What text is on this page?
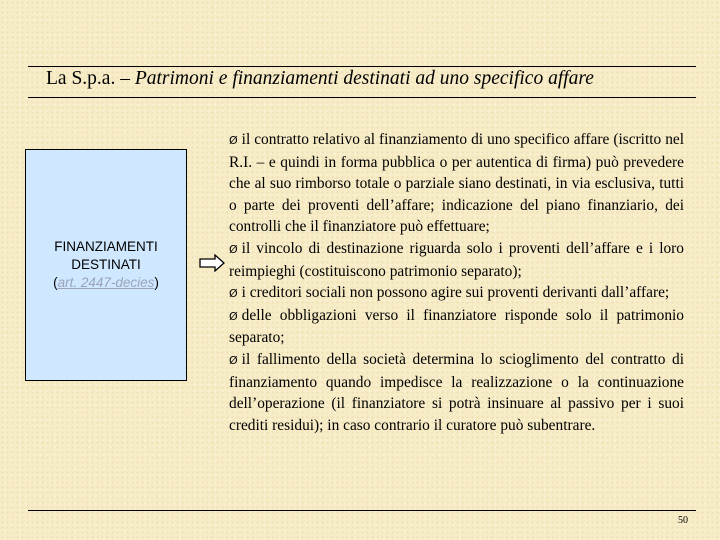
La S.p.a. – Patrimoni e finanziamenti destinati ad uno specifico affare
FINANZIAMENTI
DESTINATI
(art. 2447-decies)

Ø il contratto relativo al finanziamento di uno specifico affare (iscritto nel R.I. – e quindi in forma pubblica o per autentica di firma) può prevedere che al suo rimborso totale o parziale siano destinati, in via esclusiva, tutti o parte dei proventi dell’affare; indicazione del piano finanziario, dei controlli che il finanziatore può effettuare;

Ø il vincolo di destinazione riguarda solo i proventi dell’affare e i loro reimpieghi (costituiscono patrimonio separato);

Ø i creditori sociali non possono agire sui proventi derivanti dall’affare;

Ø delle obbligazioni verso il finanziatore risponde solo il patrimonio separato;

Ø il fallimento della società determina lo scioglimento del contratto di finanziamento quando impedisce la realizzazione o la continuazione dell’operazione (il finanziatore si potrà insinuare al passivo per i suoi crediti residui); in caso contrario il curatore può subentrare.

50
